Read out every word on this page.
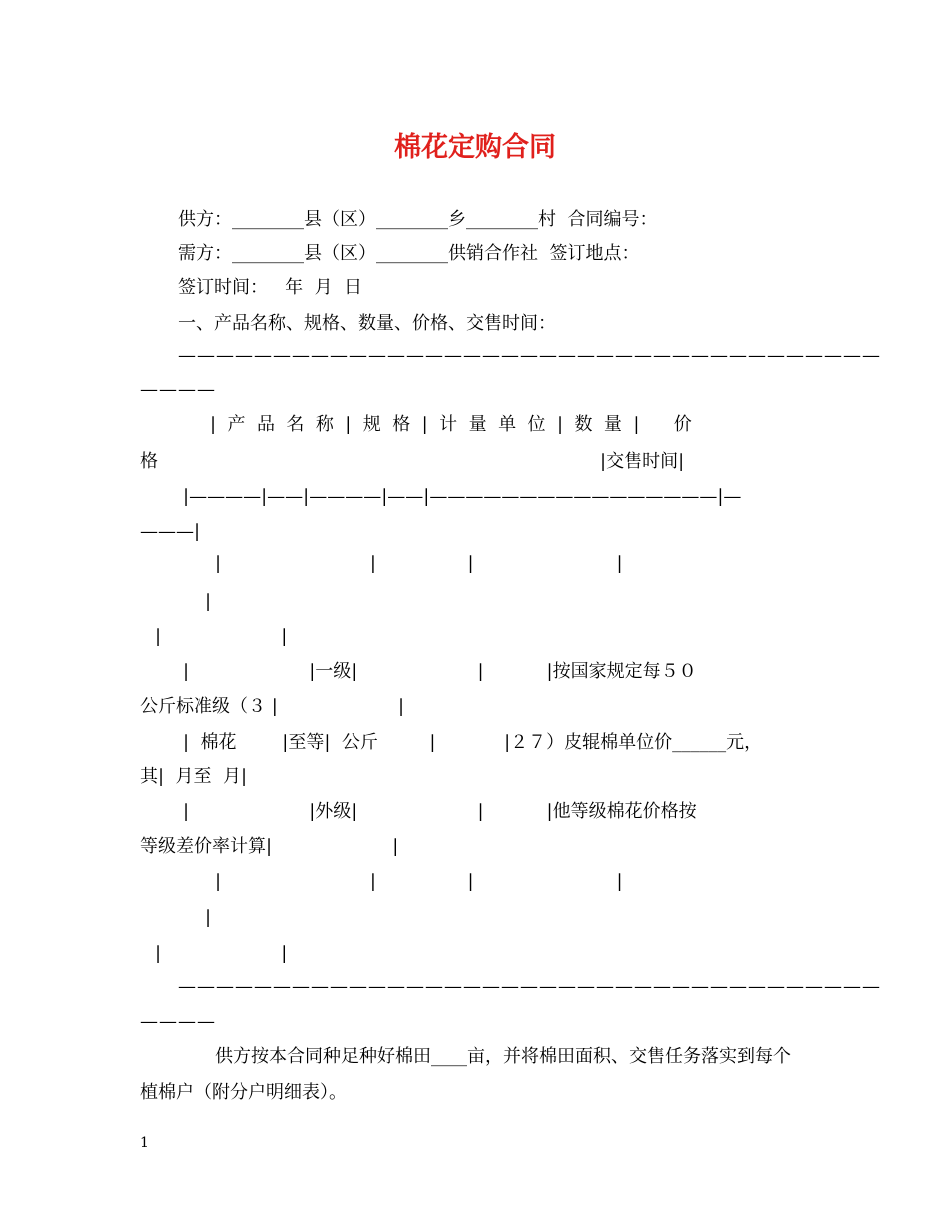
棉花定购合同
供方：________县（区）________乡________村  合同编号：
需方：________县（区）________供销合作社  签订地点：
签订时间：   年  月  日
一、产品名称、规格、数量、价格、交售时间：
—————————————————————————————————————
————
|  产  品  名  称  |  规  格  |  计  量  单  位  |  数  量  |      价
格	|交售时间|
|————|——|————|——|————————————————|—
———|
|                          |                |                         |
|
|                     |
|                     |一级|                     |           |按国家规定每５０
公斤标准级（３ |                     |
|  棉花        |至等|  公斤         |            |２７）皮辊棉单位价______元，
其|  月至  月|
|                     |外级|                     |           |他等级棉花价格按
等级差价率计算|                     |
|                          |                |                         |
|
|                     |
—————————————————————————————————————
————
供方按本合同种足种好棉田____亩，并将棉田面积、交售任务落实到每个
植棉户（附分户明细表）。
1
